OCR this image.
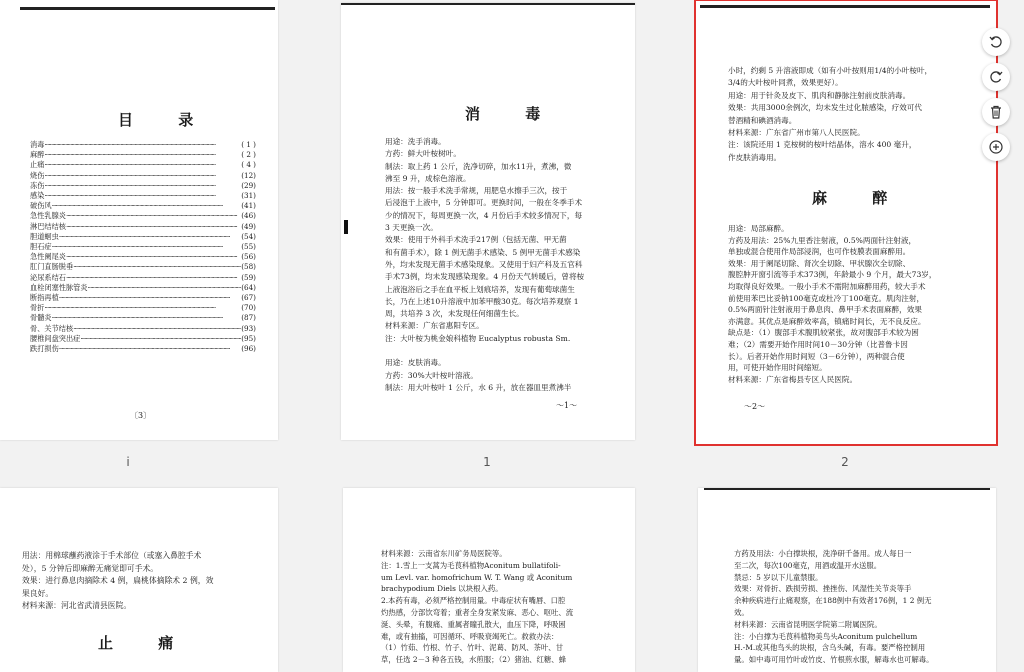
目 录
消毒 ·····	( 1 )
麻醉 ·····	( 2 )
止痛 ·····	( 4 )
烧伤 ·····	(12)
冻伤 ·····	(29)
感染 ·····	(31)
破伤风 ·····	(41)
急性乳腺炎 ·····	(46)
淋巴结结核 ·····	(49)
胆道蛔虫 ·····	(54)
胆石症 ·····	(55)
急性阑尾炎 ·····	(56)
肛门直肠脱垂 ·····	(58)
泌尿系结石 ·····	(59)
血栓闭塞性脉管炎 ·····	(64)
断指再植 ·····	(67)
骨折 ·····	(70)
骨髓炎 ·····	(87)
骨、关节结核 ·····	(93)
腰椎间盘突出症 ·····	(95)
跌打损伤 ·····	(96)
〔3〕
i
消 毒
用途：洗手消毒。
方药：鲜大叶桉树叶。
制法：取上药 1 公斤，洗净切碎，加水11升，煮沸，微
沸至 9 升，成棕色溶液。
用法：按一般手术洗手常规，用肥皂水擦手三次，按于
后浸泡于上液中，5 分钟即可。更换时间，一般在冬季手术
少的情况下，每周更换一次，4 月份后手术较多情况下，每
3 天更换一次。
效果：使用于外科手术洗手217例（包括无菌、甲无菌
和有菌手术），除 1 例无菌手术感染、5 例甲无菌手术感染
外，均未发现无菌手术感染现象。又使用于妇产科及五官科
手术73例，均未发现感染现象。4 月份天气转暖后，曾将桉
上液泡浴后之手在血平板上划痕培养，发现有葡萄球菌生
长，乃在上述10升溶液中加苯甲酸30克。每次培养观察 1
周，共培养 3 次，未发现任何细菌生长。
材料来源：广东省惠阳专区。
注：大叶桉为桃金娘科植物 Eucalyptus robusta Sm.
用途：皮肤消毒。
方药：30%大叶桉叶溶液。
制法：用大叶桉叶 1 公斤，水 6 升，放在器皿里煮沸半
～1～
1
小时，约剩 5 升溶液即成（如有小叶按则用1/4的小叶桉叶，
3/4的大叶桉叶同煮，效果更好）。
用途：用于针灸及皮下、肌肉和静脉注射前皮肤消毒。
效果：共用3000余例次，均未发生过化脓感染，疗效可代
替酒精和碘酒消毒。
材料来源：广东省广州市第八人民医院。
注：该院还用 1 克桉树的桉叶结晶体，溶水 400 毫升，
作皮肤消毒用。
麻 醉
用途：局部麻醉。
方药及用法：25%九里香注射液，0.5%两面针注射液，
单独或混合使用作局部浸润，也可作枝膜表面麻醉用。
效果：用于阑尾切除、肾次全切除、甲状腺次全切除、
腹腔肿开窗引流等手术373例，年龄最小 9 个月，最大73岁，
均取得良好效果。一般小手术不需附加麻醉用药，较大手术
前使用苯巴比妥钠100毫克或杜冷丁100毫克。肌肉注射，
0.5%两面针注射液用于鼻息肉、鼻甲手术表面麻醉，效果
亦满意。其优点是麻醉效率高，镇痛时间长，无不良反应。
缺点是：（1）腹部手术腹肌较紧张，故对腹部手术较为困
难；（2）需要开始作用时间10－30分钟（比普鲁卡因
长）。后者开始作用时间短（3－6分钟），两种混合使
用，可使开始作用时间缩短。
材料来源：广东省梅县专区人民医院。
～2～
2
用法：用棉球蘸药液涂于手术部位（或塞入鼻腔手术
处），5 分钟后即麻醉无痛觉即可手术。
效果：进行鼻息肉摘除术 4 例，扁桃体摘除术 2 例，效
果良好。
材料来源：河北省武清县医院。
止 痛
材料来源：云南省东川矿务局医院等。
注：1.雪上一支蒿为毛茛科植物Aconitum bullatifoli-
um Levl. var. homofrichum W. T. Wang 或 Aconitum
brachypodium Diels 以块根入药。
2.本药有毒，必须严格控制用量。中毒症状有嘴唇、口腔
灼热感，分部饮弯着；重者全身发紧发麻、恶心、呕吐、流
涎、头晕，有腹痛、重属者瞳孔散大，血压下降，呼吸困
难，或有抽搐，可因循环、呼吸衰竭死亡。救救办法：
（1）竹茹、竹根、竹子、竹叶、泥葛、防风、茶叶、甘
草，任选 2－3 种各五钱，水煎服；（2）猪油、红糖、蜂
方药及用法：小白撑块根，洗净研千备用。成人每日一
至二次，每次100毫克，用酒或温开水送服。
禁忌：5 岁以下儿童禁服。
效果：对骨折、跌损劳损、挫挫伤、风湿性关节炎等手
余种疾病进行止痛观察，在188例中有效者176例，1 2 例无
效。
材料来源：云南省昆明医学院第二附属医院。
注：小白撑为毛茛科植物美鸟头Aconitum pulchellum
H.-M.或其他鸟头的块根，含乌头碱，有毒。要严格控制用
量。如中毒可用竹叶或竹皮、竹根煎水服，解毒水也可解毒。
